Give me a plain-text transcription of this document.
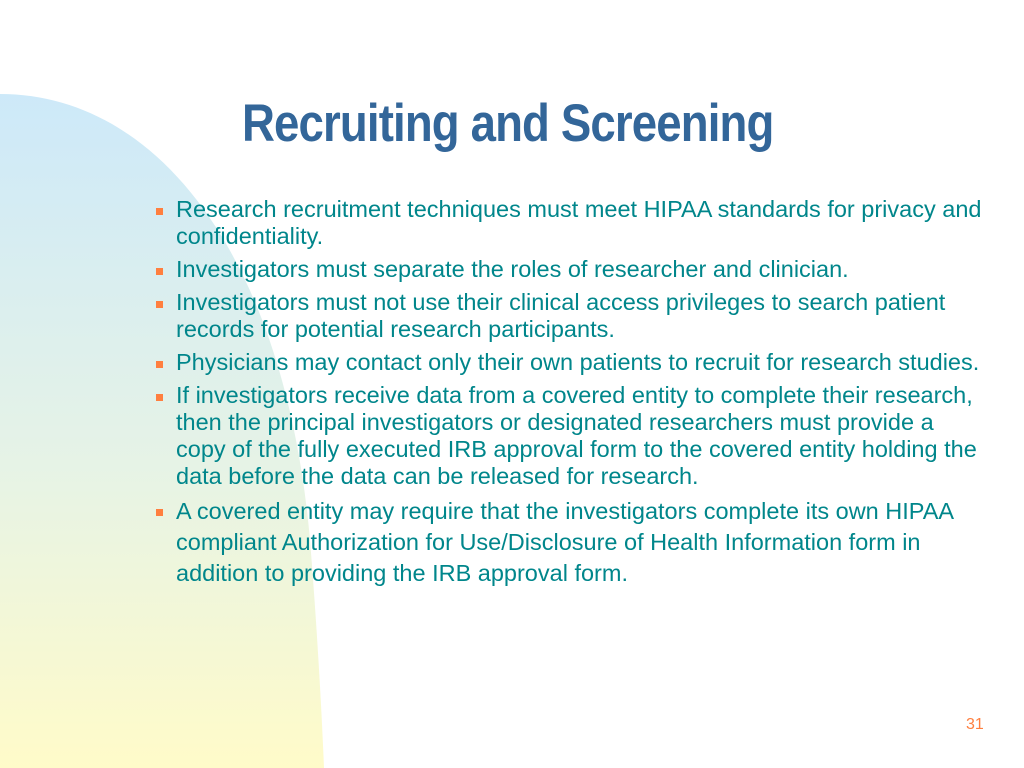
Recruiting and Screening
Research recruitment techniques must meet HIPAA standards for privacy and confidentiality.
Investigators must separate the roles of researcher and clinician.
Investigators must not use their clinical access privileges to search patient records for potential research participants.
Physicians may contact only their own patients to recruit for research studies.
If investigators receive data from a covered entity to complete their research, then the principal investigators or designated researchers must provide a copy of the fully executed IRB approval form to the covered entity holding the data before the data can be released for research.
A covered entity may require that the investigators complete its own HIPAA compliant Authorization for Use/Disclosure of Health Information form in addition to providing the IRB approval form.
31
